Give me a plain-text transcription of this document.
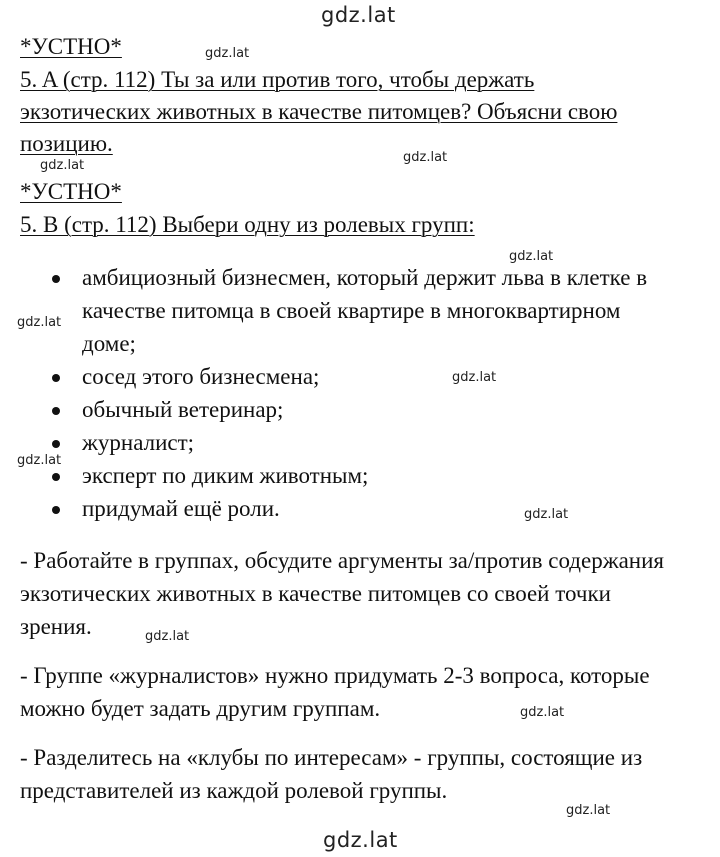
gdz.lat
gdz.lat
gdz.lat
gdz.lat
gdz.lat
gdz.lat
gdz.lat
gdz.lat
gdz.lat
gdz.lat
gdz.lat
gdz.lat
gdz.lat
*УСТНО*
5. A (стр. 112) Ты за или против того, чтобы держать
экзотических животных в качестве питомцев? Объясни свою
позицию.
*УСТНО*
5. B (стр. 112) Выбери одну из ролевых групп:
амбициозный бизнесмен, который держит льва в клетке в
качестве питомца в своей квартире в многоквартирном
доме;
сосед этого бизнесмена;
обычный ветеринар;
журналист;
эксперт по диким животным;
придумай ещё роли.
- Работайте в группах, обсудите аргументы за/против содержания
экзотических животных в качестве питомцев со своей точки
зрения.
- Группе «журналистов» нужно придумать 2-3 вопроса, которые
можно будет задать другим группам.
- Разделитесь на «клубы по интересам» - группы, состоящие из
представителей из каждой ролевой группы.
